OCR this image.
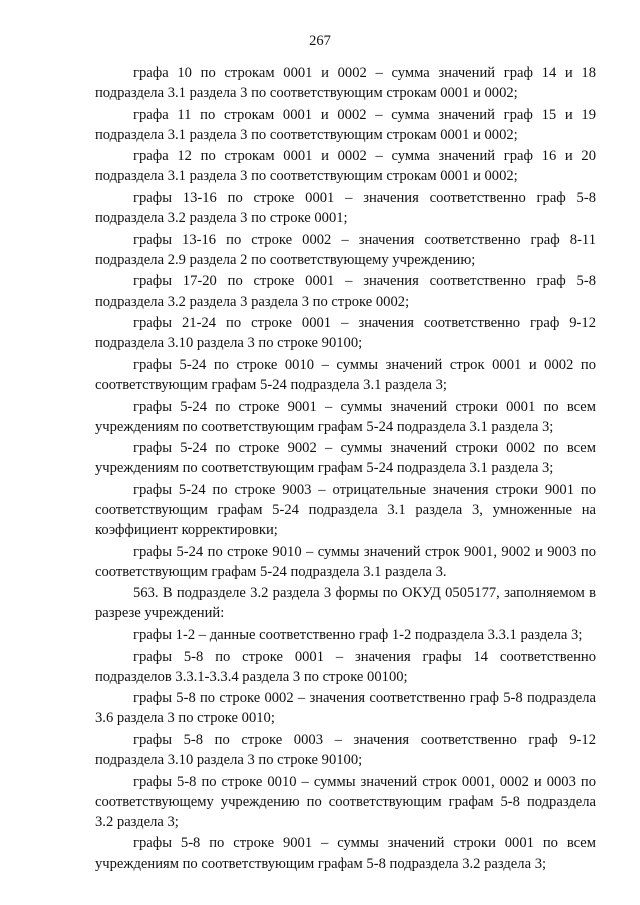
267

графа 10 по строкам 0001 и 0002 – сумма значений граф 14 и 18 подраздела 3.1 раздела 3 по соответствующим строкам 0001 и 0002;

графа 11 по строкам 0001 и 0002 – сумма значений граф 15 и 19 подраздела 3.1 раздела 3 по соответствующим строкам 0001 и 0002;

графа 12 по строкам 0001 и 0002 – сумма значений граф 16 и 20 подраздела 3.1 раздела 3 по соответствующим строкам 0001 и 0002;

графы 13-16 по строке 0001 – значения соответственно граф 5-8 подраздела 3.2 раздела 3 по строке 0001;

графы 13-16 по строке 0002 – значения соответственно граф 8-11 подраздела 2.9 раздела 2 по соответствующему учреждению;

графы 17-20 по строке 0001 – значения соответственно граф 5-8 подраздела 3.2 раздела 3 раздела 3 по строке 0002;

графы 21-24 по строке 0001 – значения соответственно граф 9-12 подраздела 3.10 раздела 3 по строке 90100;

графы 5-24 по строке 0010 – суммы значений строк 0001 и 0002 по соответствующим графам 5-24 подраздела 3.1 раздела 3;

графы 5-24 по строке 9001 – суммы значений строки 0001 по всем учреждениям по соответствующим графам 5-24 подраздела 3.1 раздела 3;

графы 5-24 по строке 9002 – суммы значений строки 0002 по всем учреждениям по соответствующим графам 5-24 подраздела 3.1 раздела 3;

графы 5-24 по строке 9003 – отрицательные значения строки 9001 по соответствующим графам 5-24 подраздела 3.1 раздела 3, умноженные на коэффициент корректировки;

графы 5-24 по строке 9010 – суммы значений строк 9001, 9002 и 9003 по соответствующим графам 5-24 подраздела 3.1 раздела 3.

563. В подразделе 3.2 раздела 3 формы по ОКУД 0505177, заполняемом в разрезе учреждений:

графы 1-2 – данные соответственно граф 1-2 подраздела 3.3.1 раздела 3;

графы 5-8 по строке 0001 – значения графы 14 соответственно подразделов 3.3.1-3.3.4 раздела 3 по строке 00100;

графы 5-8 по строке 0002 – значения соответственно граф 5-8 подраздела 3.6 раздела 3 по строке 0010;

графы 5-8 по строке 0003 – значения соответственно граф 9-12 подраздела 3.10 раздела 3 по строке 90100;

графы 5-8 по строке 0010 – суммы значений строк 0001, 0002 и 0003 по соответствующему учреждению по соответствующим графам 5-8 подраздела 3.2 раздела 3;

графы 5-8 по строке 9001 – суммы значений строки 0001 по всем учреждениям по соответствующим графам 5-8 подраздела 3.2 раздела 3;
